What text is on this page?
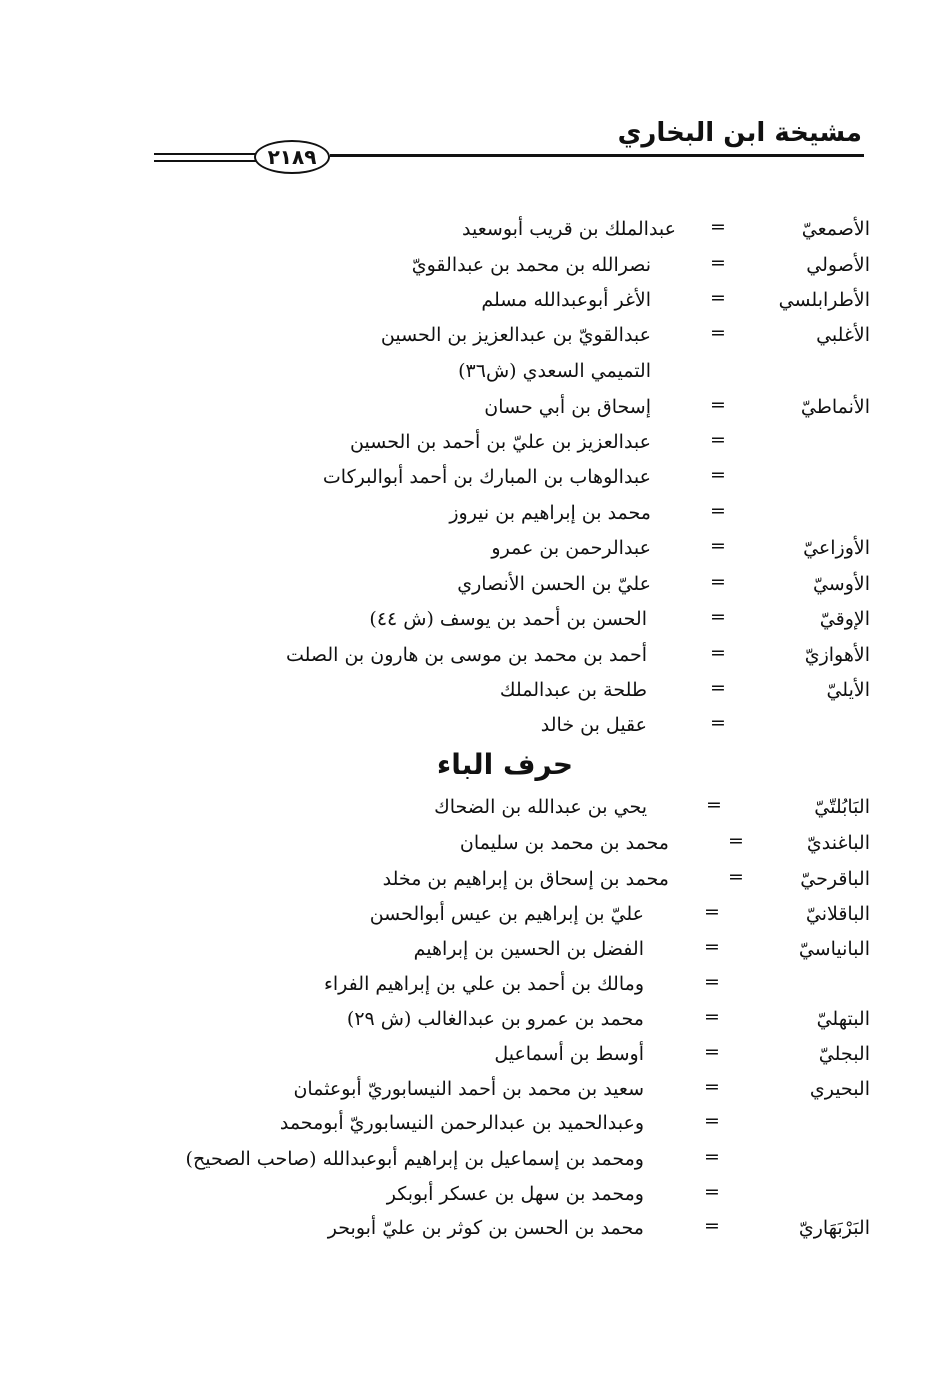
مشيخة ابن البخاري
٢١٨٩
الأصمعيّ
=
عبدالملك بن قريب أبوسعيد
الأصولي
=
نصرالله بن محمد بن عبدالقويّ
الأطرابلسي
=
الأغر أبوعبدالله مسلم
الأغلبي
=
عبدالقويّ بن عبدالعزيز بن الحسين
التميمي السعدي (ش٣٦)
الأنماطيّ
=
إسحاق بن أبي حسان
=
عبدالعزيز بن عليّ بن أحمد بن الحسين
=
عبدالوهاب بن المبارك بن أحمد أبوالبركات
=
محمد بن إبراهيم بن نيروز
الأوزاعيّ
=
عبدالرحمن بن عمرو
الأوسيّ
=
عليّ بن الحسن الأنصاري
الإوقيّ
=
الحسن بن أحمد بن يوسف (ش ٤٤)
الأهوازيّ
=
أحمد بن محمد بن موسى بن هارون بن الصلت
الأيليّ
=
طلحة بن عبدالملك
=
عقيل بن خالد
حرف الباء
البَابُلتّيّ
=
يحي بن عبدالله بن الضحاك
الباغنديّ
=
محمد بن محمد بن سليمان
الباقرحيّ
=
محمد بن إسحاق بن إبراهيم بن مخلد
الباقلانيّ
=
عليّ بن إبراهيم بن عيس أبوالحسن
البانياسيّ
=
الفضل بن الحسين بن إبراهيم
=
ومالك بن أحمد بن علي بن إبراهيم الفراء
البتهليّ
=
محمد بن عمرو بن عبدالغالب (ش ٢٩)
البجليّ
=
أوسط بن أسماعيل
البحيري
=
سعيد بن محمد بن أحمد النيسابوريّ أبوعثمان
=
وعبدالحميد بن عبدالرحمن النيسابوريّ أبومحمد
=
ومحمد بن إسماعيل بن إبراهيم أبوعبدالله (صاحب الصحيح)
=
ومحمد بن سهل بن عسكر أبوبكر
البَرْبَهَاريّ
=
محمد بن الحسن بن كوثر بن عليّ أبوبحر
